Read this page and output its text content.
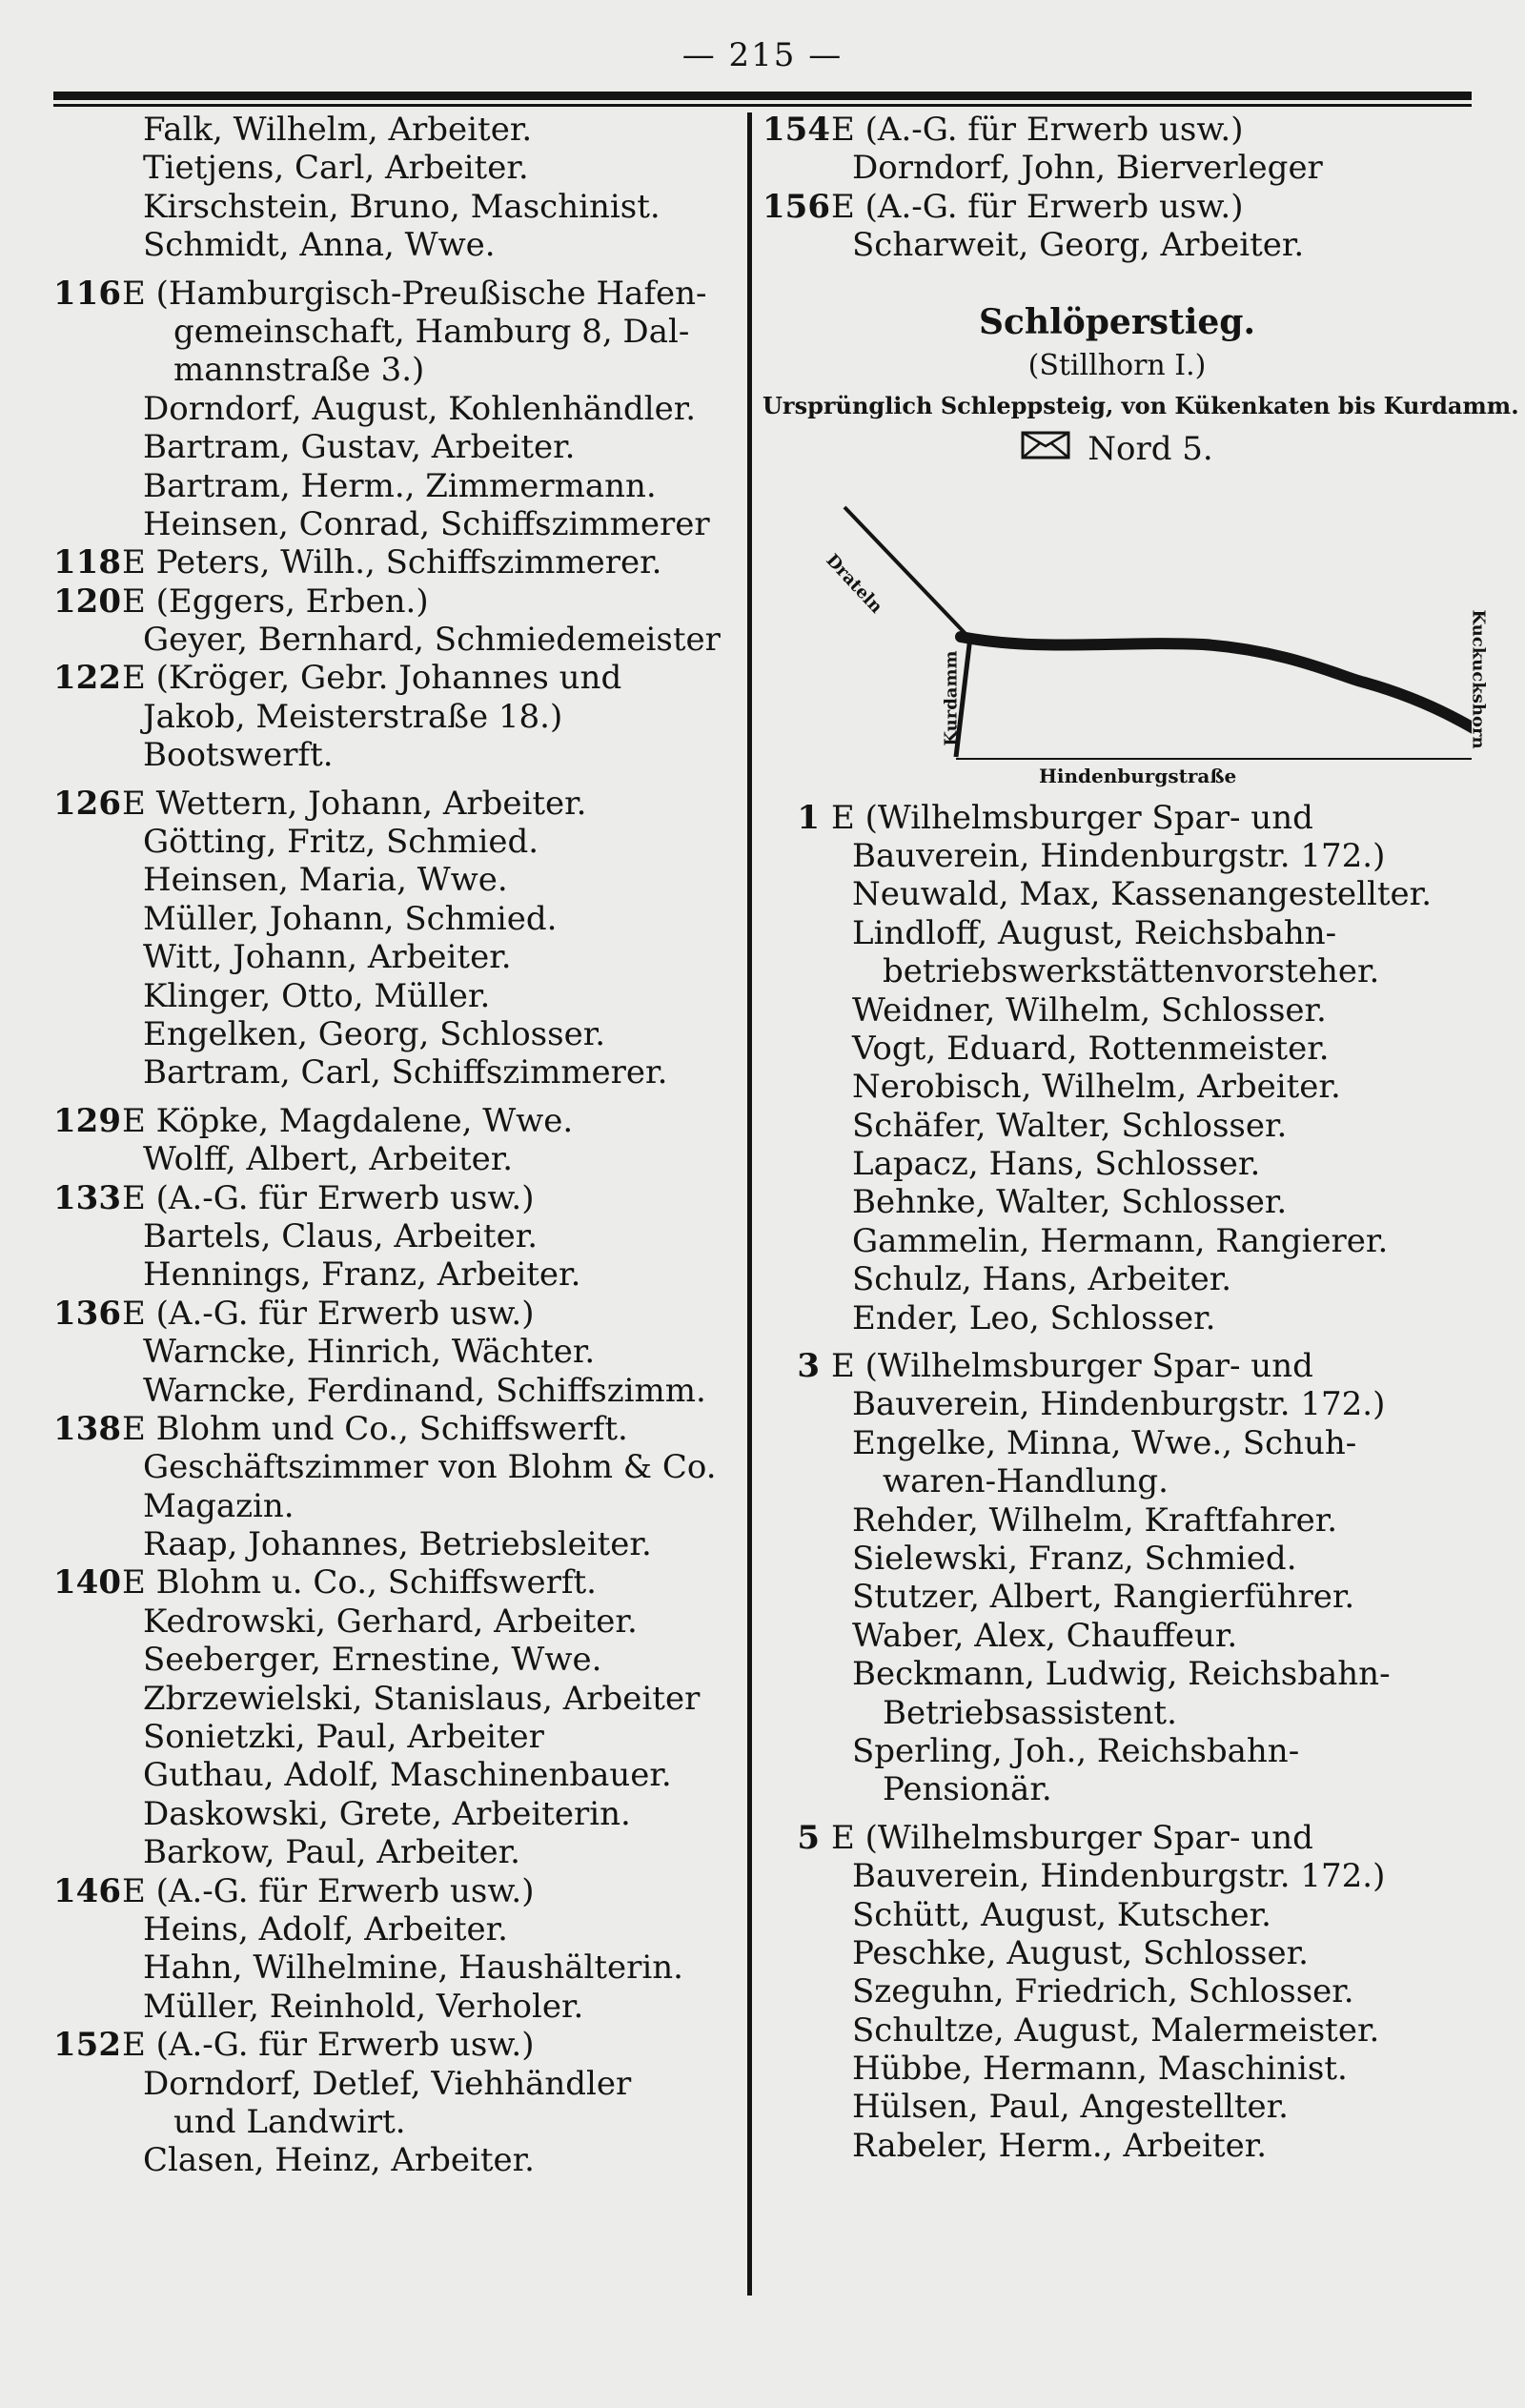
— 215 —
Falk, Wilhelm, Arbeiter.
Tietjens, Carl, Arbeiter.
Kirschstein, Bruno, Maschinist.
Schmidt, Anna, Wwe.
116 E (Hamburgisch-Preußische Hafen-
gemeinschaft, Hamburg 8, Dal-
mannstraße 3.)
Dorndorf, August, Kohlenhändler.
Bartram, Gustav, Arbeiter.
Bartram, Herm., Zimmermann.
Heinsen, Conrad, Schiffszimmerer
118 E Peters, Wilh., Schiffszimmerer.
120 E (Eggers, Erben.)
Geyer, Bernhard, Schmiedemeister
122 E (Kröger, Gebr. Johannes und
Jakob, Meisterstraße 18.)
Bootswerft.
126 E Wettern, Johann, Arbeiter.
Götting, Fritz, Schmied.
Heinsen, Maria, Wwe.
Müller, Johann, Schmied.
Witt, Johann, Arbeiter.
Klinger, Otto, Müller.
Engelken, Georg, Schlosser.
Bartram, Carl, Schiffszimmerer.
129 E Köpke, Magdalene, Wwe.
Wolff, Albert, Arbeiter.
133 E (A.-G. für Erwerb usw.)
Bartels, Claus, Arbeiter.
Hennings, Franz, Arbeiter.
136 E (A.-G. für Erwerb usw.)
Warncke, Hinrich, Wächter.
Warncke, Ferdinand, Schiffszimm.
138 E Blohm und Co., Schiffswerft.
Geschäftszimmer von Blohm & Co.
Magazin.
Raap, Johannes, Betriebsleiter.
140 E Blohm u. Co., Schiffswerft.
Kedrowski, Gerhard, Arbeiter.
Seeberger, Ernestine, Wwe.
Zbrzewielski, Stanislaus, Arbeiter
Sonietzki, Paul, Arbeiter
Guthau, Adolf, Maschinenbauer.
Daskowski, Grete, Arbeiterin.
Barkow, Paul, Arbeiter.
146 E (A.-G. für Erwerb usw.)
Heins, Adolf, Arbeiter.
Hahn, Wilhelmine, Haushälterin.
Müller, Reinhold, Verholer.
152 E (A.-G. für Erwerb usw.)
Dorndorf, Detlef, Viehhändler
und Landwirt.
Clasen, Heinz, Arbeiter.
154 E (A.-G. für Erwerb usw.)
Dorndorf, John, Bierverleger
156 E (A.-G. für Erwerb usw.)
Scharweit, Georg, Arbeiter.
Schlöperstieg.
(Stillhorn I.)
Ursprünglich Schleppsteig, von Kükenkaten bis Kurdamm.
Nord 5.
Drateln
Kurdamm	Kuckuckshorn
Hindenburgstraße
1 E (Wilhelmsburger Spar- und
Bauverein, Hindenburgstr. 172.)
Neuwald, Max, Kassenangestellter.
Lindloff, August, Reichsbahn-
betriebswerkstättenvorsteher.
Weidner, Wilhelm, Schlosser.
Vogt, Eduard, Rottenmeister.
Nerobisch, Wilhelm, Arbeiter.
Schäfer, Walter, Schlosser.
Lapacz, Hans, Schlosser.
Behnke, Walter, Schlosser.
Gammelin, Hermann, Rangierer.
Schulz, Hans, Arbeiter.
Ender, Leo, Schlosser.
3 E (Wilhelmsburger Spar- und
Bauverein, Hindenburgstr. 172.)
Engelke, Minna, Wwe., Schuh-
waren-Handlung.
Rehder, Wilhelm, Kraftfahrer.
Sielewski, Franz, Schmied.
Stutzer, Albert, Rangierführer.
Waber, Alex, Chauffeur.
Beckmann, Ludwig, Reichsbahn-
Betriebsassistent.
Sperling, Joh., Reichsbahn-
Pensionär.
5 E (Wilhelmsburger Spar- und
Bauverein, Hindenburgstr. 172.)
Schütt, August, Kutscher.
Peschke, August, Schlosser.
Szeguhn, Friedrich, Schlosser.
Schultze, August, Malermeister.
Hübbe, Hermann, Maschinist.
Hülsen, Paul, Angestellter.
Rabeler, Herm., Arbeiter.
